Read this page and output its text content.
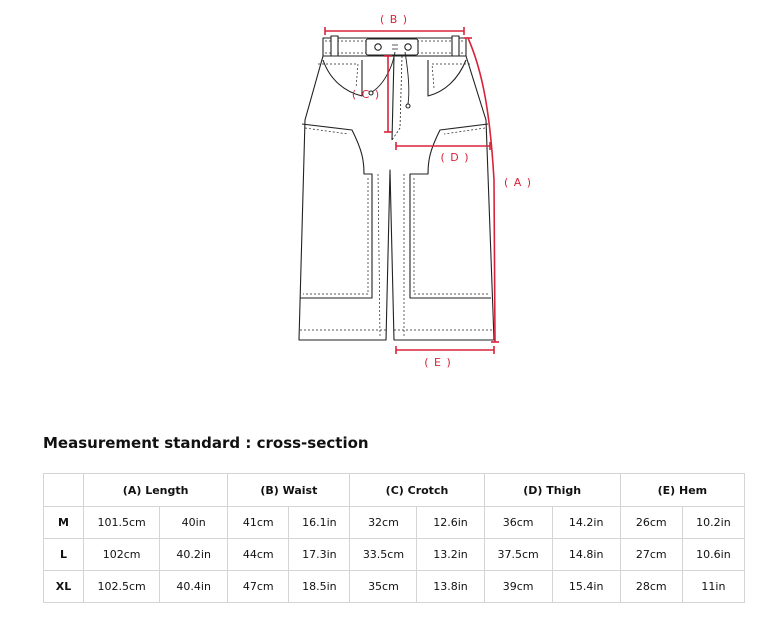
( B )
( C )
( D )
( A )
( E )
Measurement standard : cross-section
	(A) Length		(B) Waist		(C) Crotch		(D) Thigh		(E) Hem	
M	101.5cm	40in	41cm	16.1in	32cm	12.6in	36cm	14.2in	26cm	10.2in
L	102cm	40.2in	44cm	17.3in	33.5cm	13.2in	37.5cm	14.8in	27cm	10.6in
XL	102.5cm	40.4in	47cm	18.5in	35cm	13.8in	39cm	15.4in	28cm	11in
